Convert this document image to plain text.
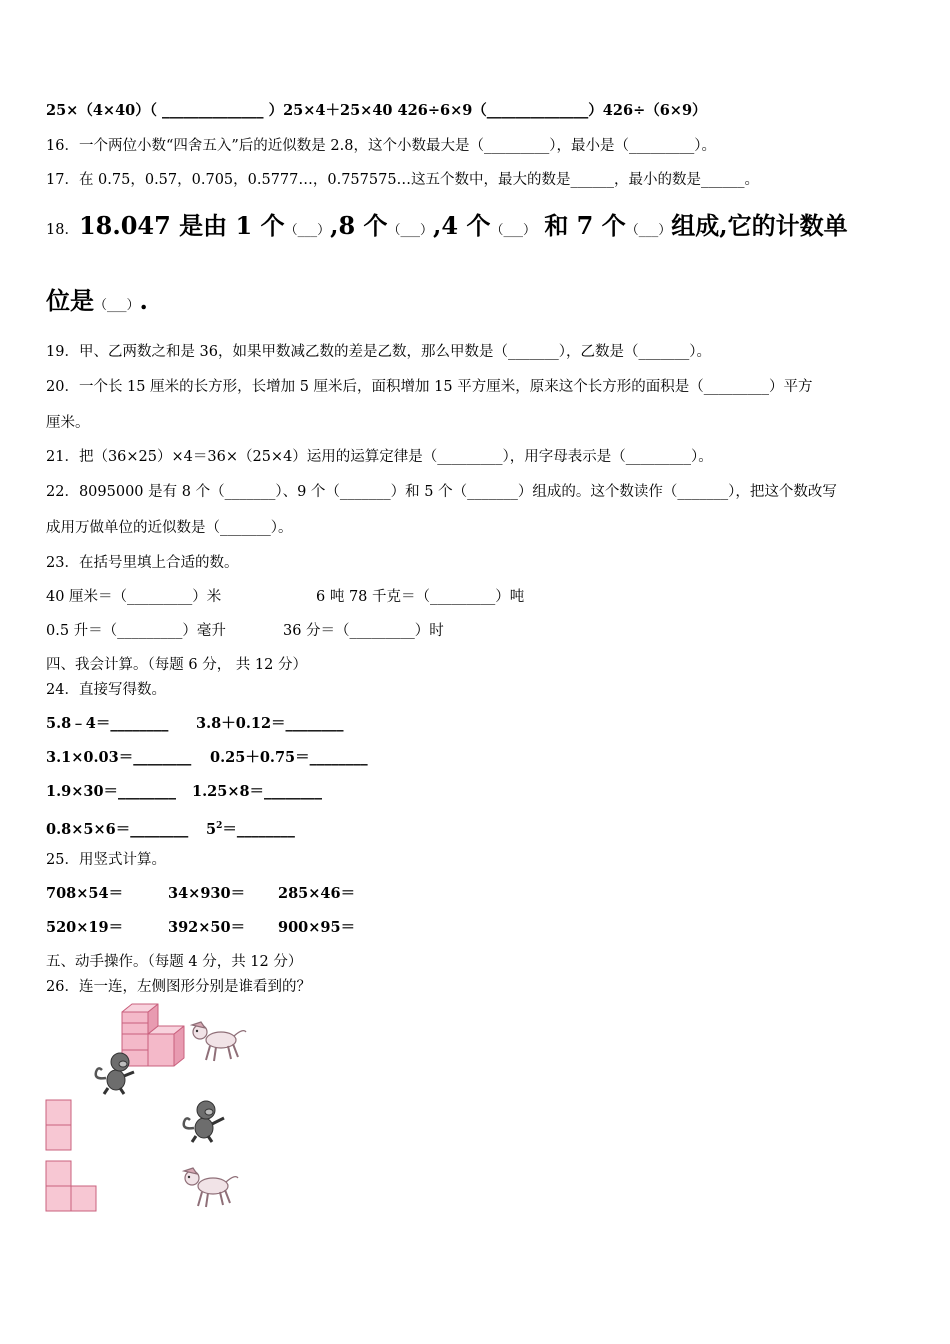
25×（4×40）（ ______________ ）25×4＋25×40 426÷6×9（______________）426÷（6×9）
16．一个两位小数“四舍五入”后的近似数是 2.8，这个小数最大是（_________），最小是（_________）。
17．在 0.75，0.57，0.705，0.5777…，0.757575…这五个数中，最大的数是______，最小的数是______。
18．18.047 是由 1 个（___）,8 个（___）,4 个（___） 和 7 个（___）组成,它的计数单
位是（___）.
19．甲、乙两数之和是 36，如果甲数减乙数的差是乙数，那么甲数是（_______），乙数是（_______）。
20．一个长 15 厘米的长方形，长增加 5 厘米后，面积增加 15 平方厘米，原来这个长方形的面积是（_________）平方
厘米。
21．把（36×25）×4＝36×（25×4）运用的运算定律是（_________），用字母表示是（_________）。
22．8095000 是有 8 个（_______）、9 个（_______）和 5 个（_______）组成的。这个数读作（_______），把这个数改写
成用万做单位的近似数是（_______）。
23．在括号里填上合适的数。
40 厘米＝（_________）米	6 吨 78 千克＝（_________）吨
0.5 升＝（_________）毫升	36 分＝（_________）时
四、我会计算。（每题 6 分， 共 12 分）
24．直接写得数。
5.8﹣4＝________ 3.8＋0.12＝________
3.1×0.03＝________ 0.25＋0.75＝________
1.9×30＝________ 1.25×8＝________
0.8×5×6＝________ $5^2=\_\_\_\_\_\_\_\_$
25．用竖式计算。
708×54＝	34×930＝ 285×46＝
520×19＝	392×50＝ 900×95＝
五、动手操作。（每题 4 分，共 12 分）
26．连一连，左侧图形分别是谁看到的？
